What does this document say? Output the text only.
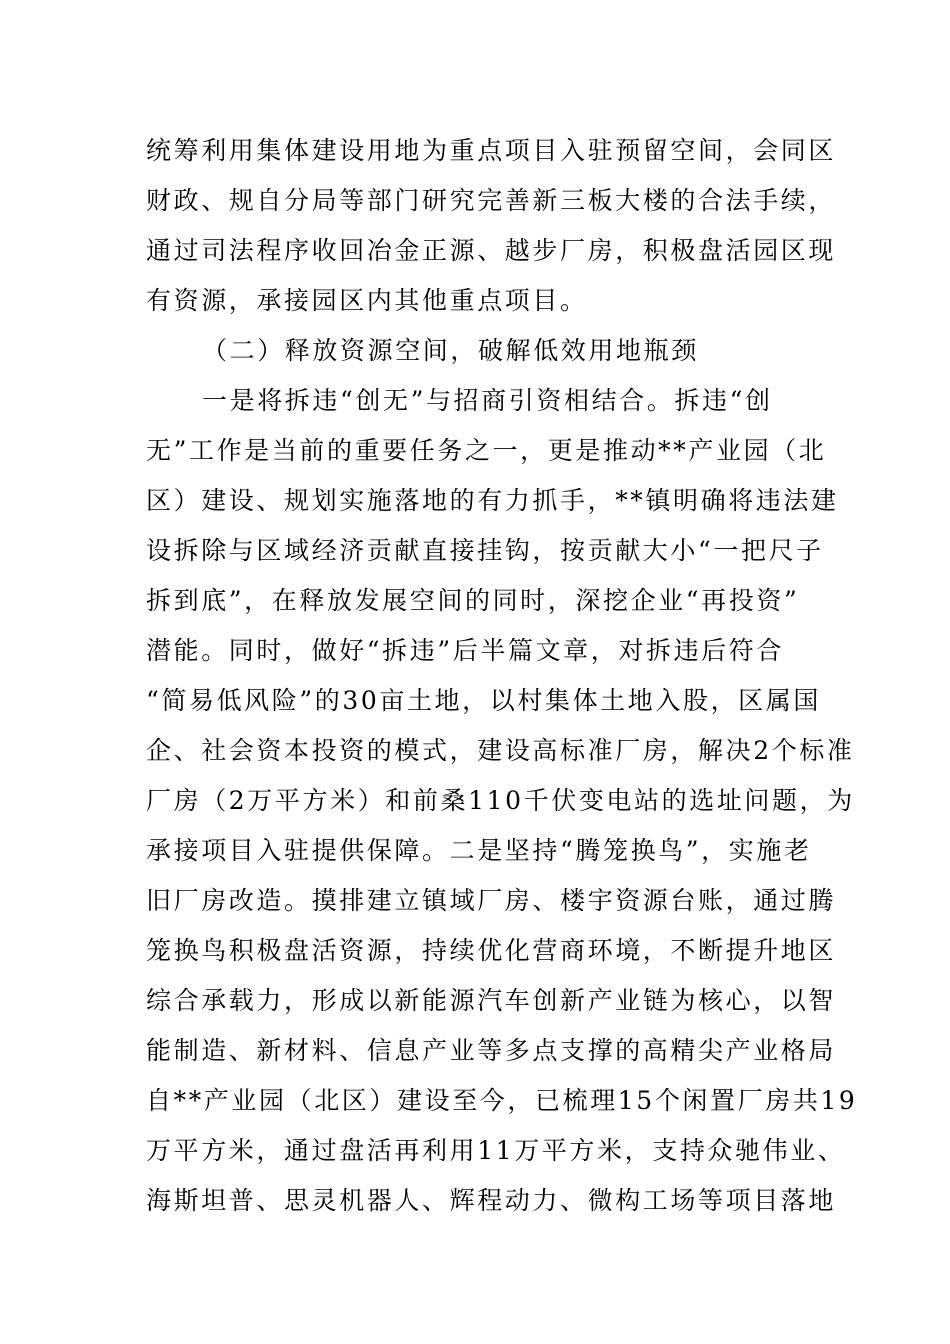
统筹利用集体建设用地为重点项目入驻预留空间，会同区
财政、规自分局等部门研究完善新三板大楼的合法手续，
通过司法程序收回冶金正源、越步厂房，积极盘活园区现
有资源，承接园区内其他重点项目。
（二）释放资源空间，破解低效用地瓶颈
一是将拆违“创无”与招商引资相结合。拆违“创
无”工作是当前的重要任务之一，更是推动**产业园（北
区）建设、规划实施落地的有力抓手，**镇明确将违法建
设拆除与区域经济贡献直接挂钩，按贡献大小“一把尺子
拆到底”，在释放发展空间的同时，深挖企业“再投资”
潜能。同时，做好“拆违”后半篇文章，对拆违后符合
“简易低风险”的30亩土地，以村集体土地入股，区属国
企、社会资本投资的模式，建设高标准厂房，解决2个标准
厂房（2万平方米）和前桑110千伏变电站的选址问题，为
承接项目入驻提供保障。二是坚持“腾笼换鸟”，实施老
旧厂房改造。摸排建立镇域厂房、楼宇资源台账，通过腾
笼换鸟积极盘活资源，持续优化营商环境，不断提升地区
综合承载力，形成以新能源汽车创新产业链为核心，以智
能制造、新材料、信息产业等多点支撑的高精尖产业格局
自**产业园（北区）建设至今，已梳理15个闲置厂房共19
万平方米，通过盘活再利用11万平方米，支持众驰伟业、
海斯坦普、思灵机器人、辉程动力、微构工场等项目落地
